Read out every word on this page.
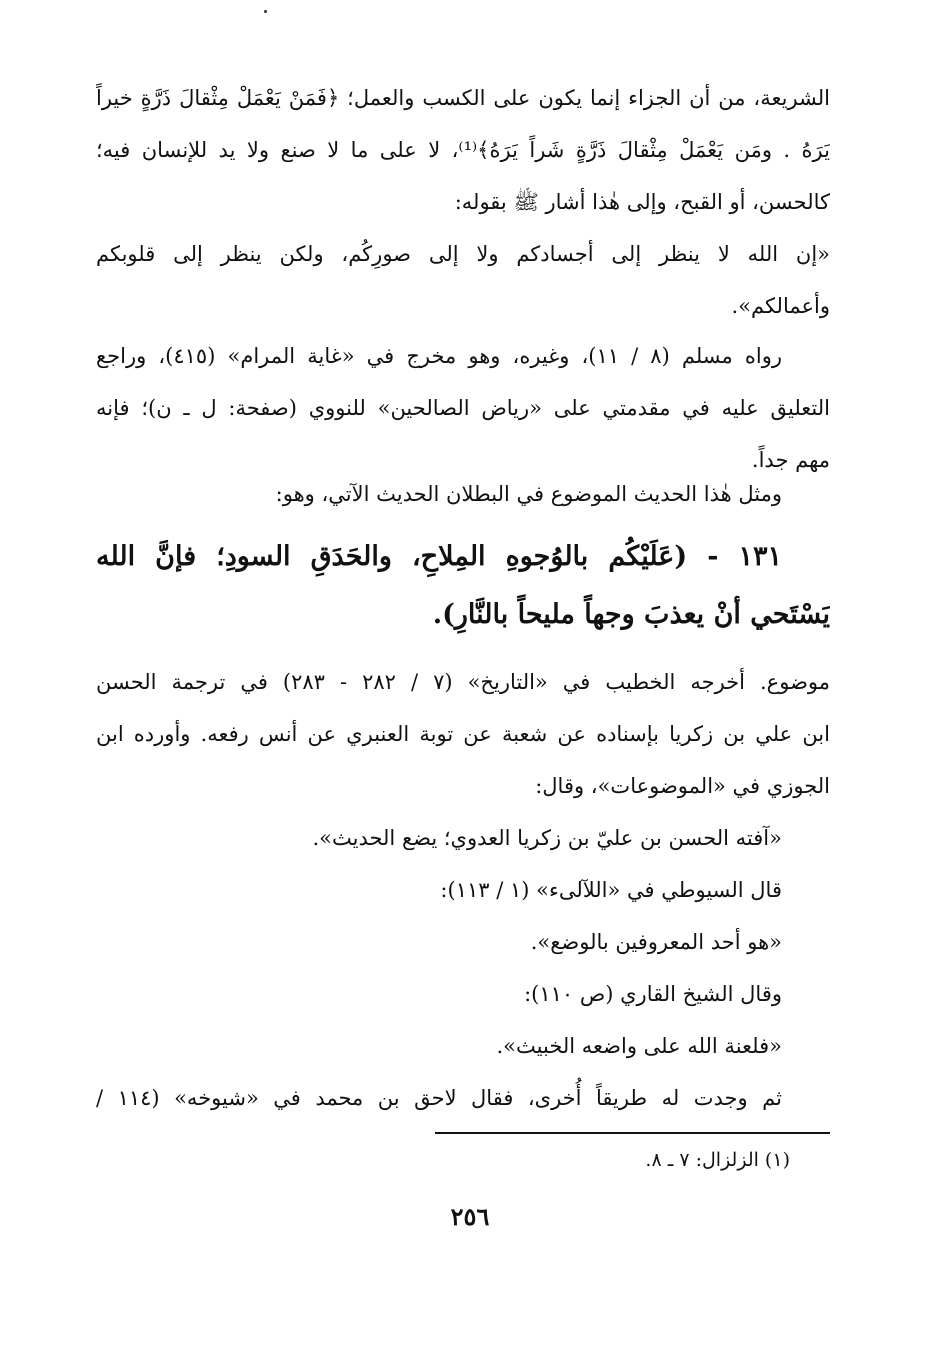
الشريعة، من أن الجزاء إنما يكون على الكسب والعمل؛ ﴿فَمَنْ يَعْمَلْ مِثْقالَ ذَرَّةٍ خيراً
يَرَهُ . ومَن يَعْمَلْ مِثْقالَ ذَرَّةٍ شَراً يَرَهُ﴾⁽¹⁾، لا على ما لا صنع ولا يد للإنسان فيه؛
كالحسن، أو القبح، وإلى هٰذا أشار ﷺ بقوله:
«إن الله لا ينظر إلى أجسادكم ولا إلى صورِكُم، ولكن ينظر إلى قلوبكم
وأعمالكم».
رواه مسلم (٨ / ١١)، وغيره، وهو مخرج في «غاية المرام» (٤١٥)، وراجع
التعليق عليه في مقدمتي على «رياض الصالحين» للنووي (صفحة: ل ـ ن)؛ فإنه
مهم جداً.
ومثل هٰذا الحديث الموضوع في البطلان الحديث الآتي، وهو:
١٣١ - (عَلَيْكُم بالوُجوهِ المِلاحِ، والحَدَقِ السودِ؛ فإنَّ الله
يَسْتَحي أنْ يعذبَ وجهاً مليحاً بالنَّارِ).
موضوع. أخرجه الخطيب في «التاريخ» (٧ / ٢٨٢ - ٢٨٣) في ترجمة الحسن
ابن علي بن زكريا بإسناده عن شعبة عن توبة العنبري عن أنس رفعه. وأورده ابن
الجوزي في «الموضوعات»، وقال:
«آفته الحسن بن عليّ بن زكريا العدوي؛ يضع الحديث».
قال السيوطي في «اللآلىء» (١ / ١١٣):
«هو أحد المعروفين بالوضع».
وقال الشيخ القاري (ص ١١٠):
«فلعنة الله على واضعه الخبيث».
ثم وجدت له طريقاً أُخرى، فقال لاحق بن محمد في «شيوخه» (١١٤ /
(١) الزلزال: ٧ ـ ٨.
٢٥٦
